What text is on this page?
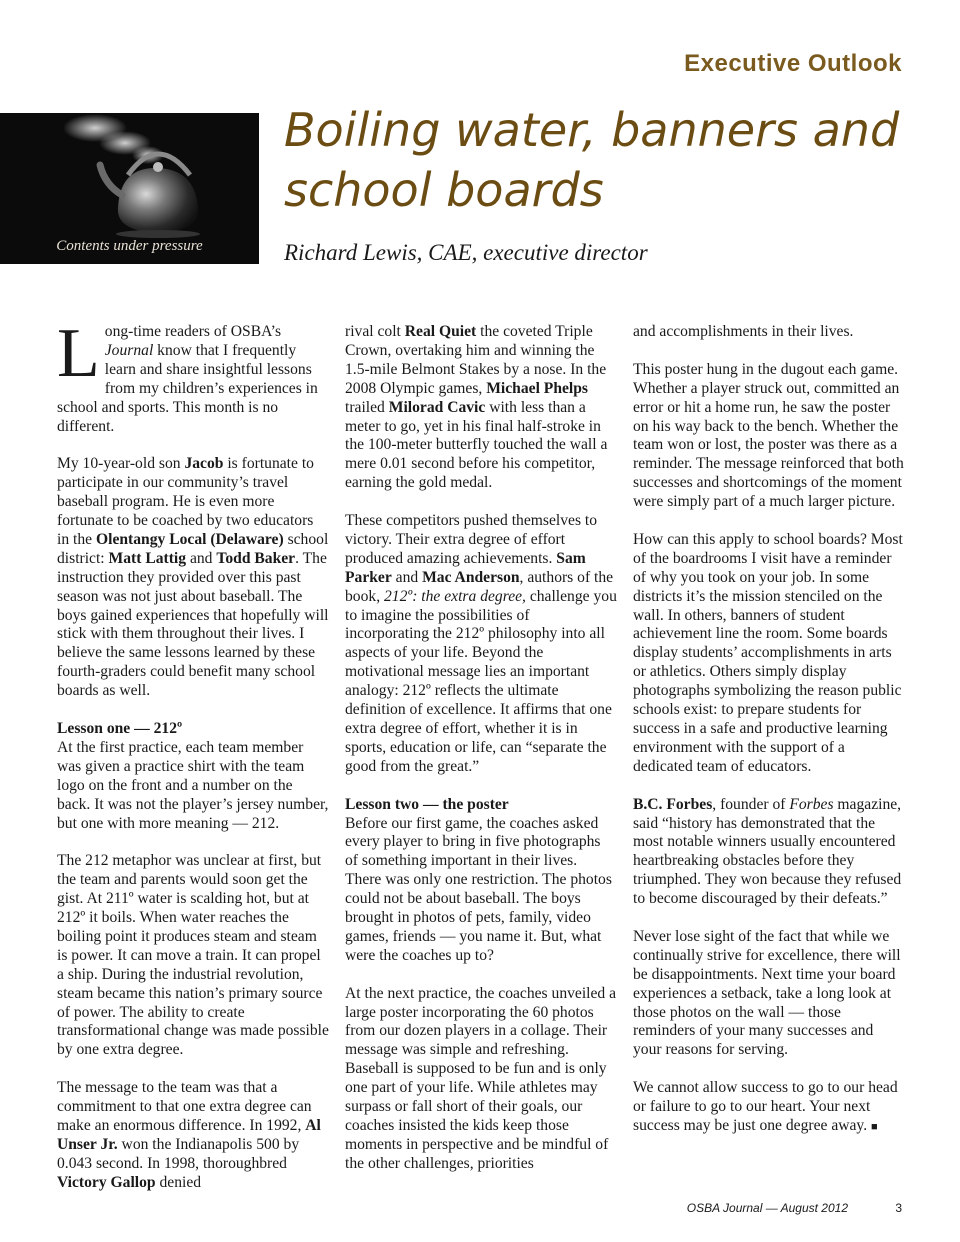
Executive Outlook
Contents under pressure
Boiling water, banners and school boards
Richard Lewis, CAE, executive director

Long-time readers of OSBA’s Journal know that I frequently learn and share insightful lessons from my children’s experiences in school and sports. This month is no different.

My 10-year-old son Jacob is fortunate to participate in our community’s travel baseball program. He is even more fortunate to be coached by two educators in the Olentangy Local (Delaware) school district: Matt Lattig and Todd Baker. The instruction they provided over this past season was not just about baseball. The boys gained experiences that hopefully will stick with them throughout their lives. I believe the same lessons learned by these fourth-graders could benefit many school boards as well.

Lesson one — 212º

At the first practice, each team member was given a practice shirt with the team logo on the front and a number on the back. It was not the player’s jersey number, but one with more meaning — 212.

The 212 metaphor was unclear at first, but the team and parents would soon get the gist. At 211º water is scalding hot, but at 212º it boils. When water reaches the boiling point it produces steam and steam is power. It can move a train. It can propel a ship. During the industrial revolution, steam became this nation’s primary source of power. The ability to create transformational change was made possible by one extra degree.

The message to the team was that a commitment to that one extra degree can make an enormous difference. In 1992, Al Unser Jr. won the Indianapolis 500 by 0.043 second. In 1998, thoroughbred Victory Gallop denied

rival colt Real Quiet the coveted Triple Crown, overtaking him and winning the 1.5-mile Belmont Stakes by a nose. In the 2008 Olympic games, Michael Phelps trailed Milorad Cavic with less than a meter to go, yet in his final half-stroke in the 100-meter butterfly touched the wall a mere 0.01 second before his competitor, earning the gold medal.

These competitors pushed themselves to victory. Their extra degree of effort produced amazing achievements. Sam Parker and Mac Anderson, authors of the book, 212º: the extra degree, challenge you to imagine the possibilities of incorporating the 212º philosophy into all aspects of your life. Beyond the motivational message lies an important analogy: 212º reflects the ultimate definition of excellence. It affirms that one extra degree of effort, whether it is in sports, education or life, can “separate the good from the great.”

Lesson two — the poster

Before our first game, the coaches asked every player to bring in five photographs of something important in their lives. There was only one restriction. The photos could not be about baseball. The boys brought in photos of pets, family, video games, friends — you name it. But, what were the coaches up to?

At the next practice, the coaches unveiled a large poster incorporating the 60 photos from our dozen players in a collage. Their message was simple and refreshing. Baseball is supposed to be fun and is only one part of your life. While athletes may surpass or fall short of their goals, our coaches insisted the kids keep those moments in perspective and be mindful of the other challenges, priorities

and accomplishments in their lives.

This poster hung in the dugout each game. Whether a player struck out, committed an error or hit a home run, he saw the poster on his way back to the bench. Whether the team won or lost, the poster was there as a reminder. The message reinforced that both successes and shortcomings of the moment were simply part of a much larger picture.

How can this apply to school boards? Most of the boardrooms I visit have a reminder of why you took on your job. In some districts it’s the mission stenciled on the wall. In others, banners of student achievement line the room. Some boards display students’ accomplishments in arts or athletics. Others simply display photographs symbolizing the reason public schools exist: to prepare students for success in a safe and productive learning environment with the support of a dedicated team of educators.

B.C. Forbes, founder of Forbes magazine, said “history has demonstrated that the most notable winners usually encountered heartbreaking obstacles before they triumphed. They won because they refused to become discouraged by their defeats.”

Never lose sight of the fact that while we continually strive for excellence, there will be disappointments. Next time your board experiences a setback, take a long look at those photos on the wall — those reminders of your many successes and your reasons for serving.

We cannot allow success to go to our head or failure to go to our heart. Your next success may be just one degree away. ■

OSBA Journal — August 2012	3
